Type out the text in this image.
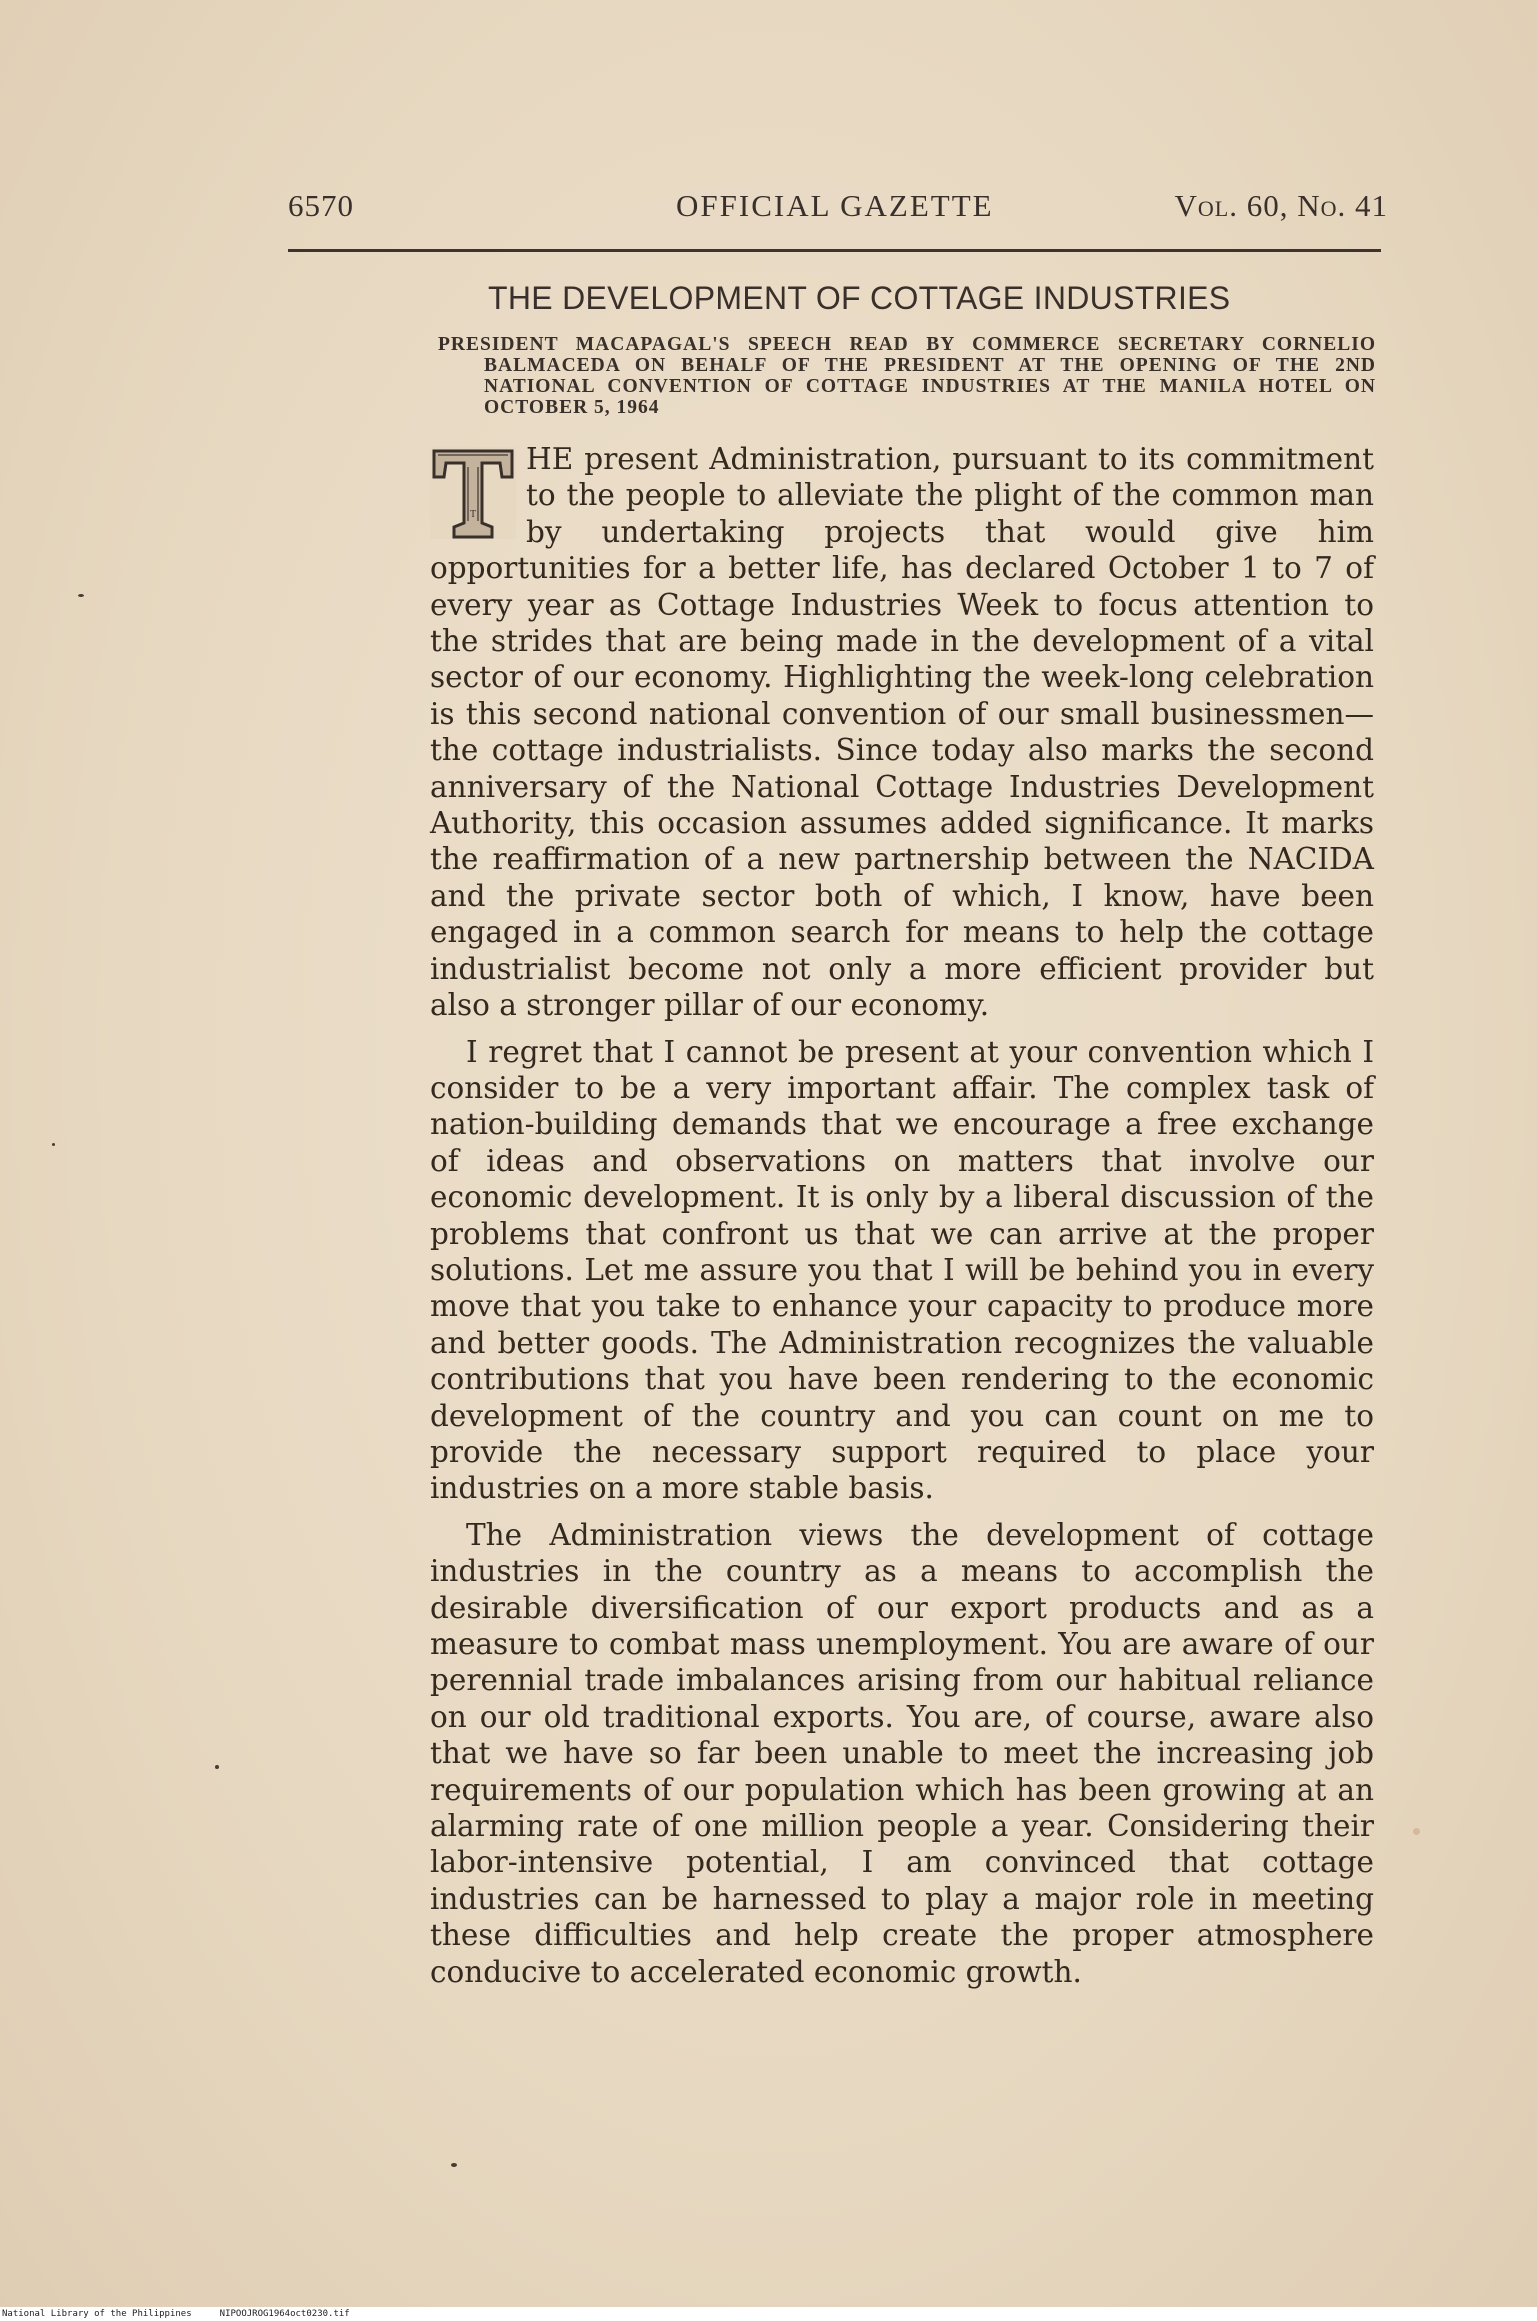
6570	OFFICIAL GAZETTE	Vol. 60, No. 41
THE DEVELOPMENT OF COTTAGE INDUSTRIES
PRESIDENT MACAPAGAL'S SPEECH READ BY COMMERCE SECRETARY CORNELIO BALMACEDA ON BEHALF OF THE PRESIDENT AT THE OPENING OF THE 2ND NATIONAL CONVENTION OF COTTAGE INDUSTRIES AT THE MANILA HOTEL ON OCTOBER 5, 1964

T
HE present Administration, pursuant to its commitment to the people to alleviate the plight of the common man by undertaking projects that would give him opportunities for a better life, has declared October 1 to 7 of every year as Cottage Industries Week to focus attention to the strides that are being made in the development of a vital sector of our economy. Highlighting the week-long celebration is this second national convention of our small businessmen—the cottage industrialists. Since today also marks the second anniversary of the National Cottage Industries Development Authority, this occasion assumes added significance. It marks the reaffirmation of a new partnership between the NACIDA and the private sector both of which, I know, have been engaged in a common search for means to help the cottage industrialist become not only a more efficient provider but also a stronger pillar of our economy.

I regret that I cannot be present at your convention which I consider to be a very important affair. The complex task of nation-building demands that we encourage a free exchange of ideas and observations on matters that involve our economic development. It is only by a liberal discussion of the problems that confront us that we can arrive at the proper solutions. Let me assure you that I will be behind you in every move that you take to enhance your capacity to produce more and better goods. The Administration recognizes the valuable contributions that you have been rendering to the economic development of the country and you can count on me to provide the necessary support required to place your industries on a more stable basis.

The Administration views the development of cottage industries in the country as a means to accomplish the desirable diversification of our export products and as a measure to combat mass unemployment. You are aware of our perennial trade imbalances arising from our habitual reliance on our old traditional exports. You are, of course, aware also that we have so far been unable to meet the increasing job requirements of our population which has been growing at an alarming rate of one million people a year. Considering their labor-intensive potential, I am convinced that cottage industries can be harnessed to play a major role in meeting these difficulties and help create the proper atmosphere conducive to accelerated economic growth.

National Library of the Philippines	NIPOOJROG1964oct0230.tif
